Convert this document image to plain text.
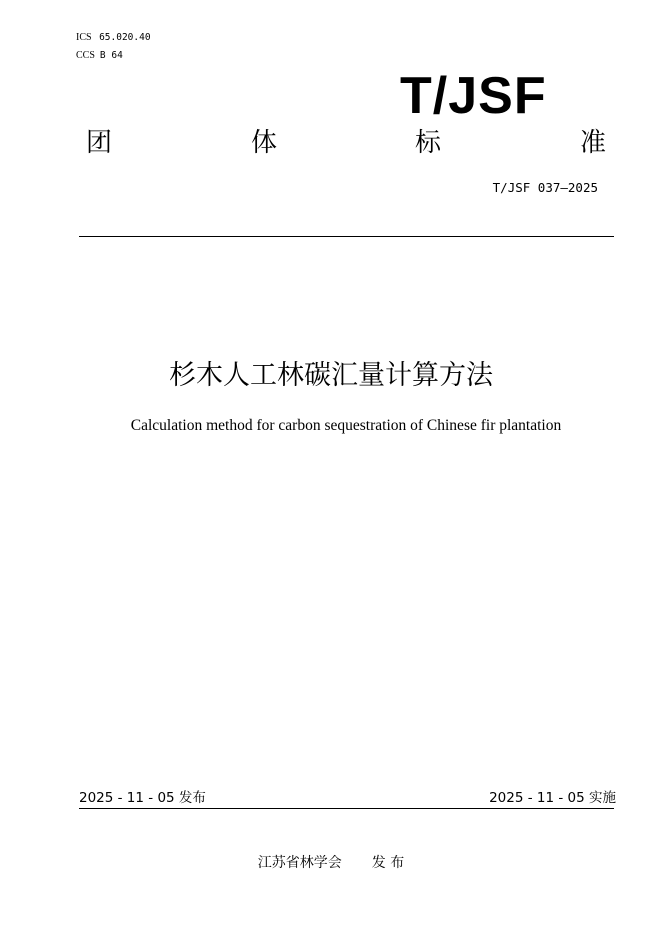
ICS 65.020.40
CCS B 64
T/JSF
团	体	标	准
T/JSF 037—2025
杉木人工林碳汇量计算方法
Calculation method for carbon sequestration of Chinese fir plantation
2025 - 11 - 05 发布	2025 - 11 - 05 实施
江苏省林学会 发 布
